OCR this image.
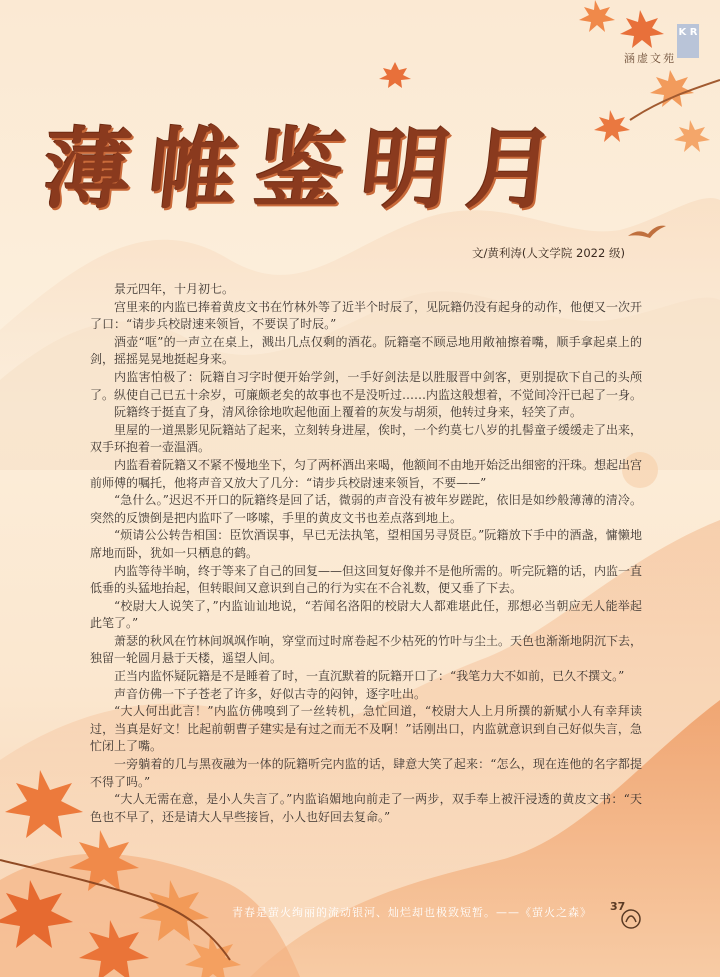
K R
涵虚文苑
薄帷鉴明月
文/黄利涛(人文学院 2022 级)

景元四年，十月初七。

宫里来的内监已捧着黄皮文书在竹林外等了近半个时辰了，见阮籍仍没有起身的动作，他便又一次开了口：“请步兵校尉速来领旨，不要误了时辰。”

酒壶“哐”的一声立在桌上，溅出几点仅剩的酒花。阮籍毫不顾忌地用敞袖擦着嘴，顺手拿起桌上的剑，摇摇晃晃地挺起身来。

内监害怕极了：阮籍自习字时便开始学剑，一手好剑法是以胜服晋中剑客，更别提砍下自己的头颅了。纵使自己已五十余岁，可廉颇老矣的故事也不是没听过……内监这般想着，不觉间冷汗已起了一身。

阮籍终于挺直了身，清风徐徐地吹起他面上覆着的灰发与胡须，他转过身来，轻笑了声。

里屋的一道黑影见阮籍站了起来，立刻转身进屋，俟时，一个约莫七八岁的扎髻童子缓缓走了出来，双手环抱着一壶温酒。

内监看着阮籍又不紧不慢地坐下，匀了两杯酒出来喝，他额间不由地开始泛出细密的汗珠。想起出宫前师傅的嘱托，他将声音又放大了几分：“请步兵校尉速来领旨，不要——”

“急什么。”迟迟不开口的阮籍终是回了话，微弱的声音没有被年岁蹉跎，依旧是如纱般薄薄的清冷。突然的反馈倒是把内监吓了一哆嗦，手里的黄皮文书也差点落到地上。

“烦请公公转告相国：臣饮酒误事，早已无法执笔，望相国另寻贤臣。”阮籍放下手中的酒盏，慵懒地席地而卧，犹如一只栖息的鹤。

内监等待半晌，终于等来了自己的回复——但这回复好像并不是他所需的。听完阮籍的话，内监一直低垂的头猛地抬起，但转眼间又意识到自己的行为实在不合礼数，便又垂了下去。

“校尉大人说笑了，”内监讪讪地说，“若闻名洛阳的校尉大人都难堪此任，那想必当朝应无人能举起此笔了。”

萧瑟的秋风在竹林间飒飒作响，穿堂而过时席卷起不少枯死的竹叶与尘土。天色也渐渐地阴沉下去，独留一轮圆月悬于天楼，遥望人间。

正当内监怀疑阮籍是不是睡着了时，一直沉默着的阮籍开口了：“我笔力大不如前，已久不撰文。”

声音仿佛一下子苍老了许多，好似古寺的闷钟，逐字吐出。

“大人何出此言！”内监仿佛嗅到了一丝转机，急忙回道，“校尉大人上月所撰的新赋小人有幸拜读过，当真是好文！比起前朝曹子建实是有过之而无不及啊！”话刚出口，内监就意识到自己好似失言，急忙闭上了嘴。

一旁躺着的几与黑夜融为一体的阮籍听完内监的话，肆意大笑了起来：“怎么，现在连他的名字都提不得了吗。”

“大人无需在意，是小人失言了。”内监谄媚地向前走了一两步，双手奉上被汗浸透的黄皮文书：“天色也不早了，还是请大人早些接旨，小人也好回去复命。”

青春是萤火绚丽的流动银河、灿烂却也极致短暂。——《萤火之森》 37
